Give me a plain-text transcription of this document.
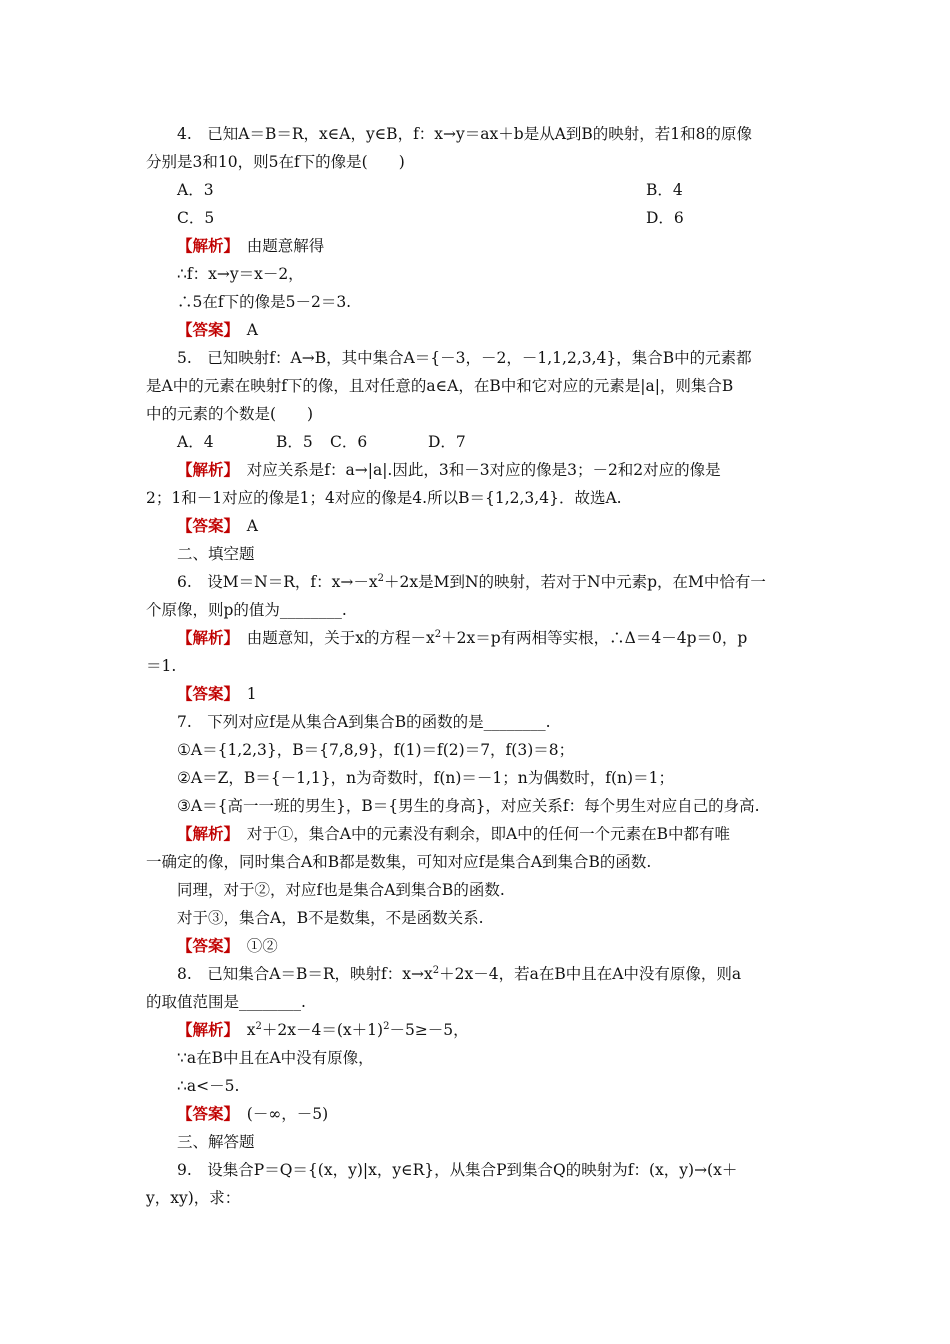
4.　已知A＝B＝R，x∈A，y∈B，f：x→y＝ax＋b是从A到B的映射，若1和8的原像
分别是3和10，则5在f下的像是(　　)
A．3	B．4
C．5	D．6
【解析】　 由题意解得
∴f：x→y＝x－2，
∴5在f下的像是5－2＝3.
【答案】　 A
5.　已知映射f：A→B，其中集合A＝{－3，－2，－1,1,2,3,4}，集合B中的元素都
是A中的元素在映射f下的像，且对任意的a∈A，在B中和它对应的元素是|a|，则集合B
中的元素的个数是(　　)
A．4	B．5 C．6	D．7
【解析】　 对应关系是f：a→|a|.因此，3和－3对应的像是3；－2和2对应的像是
2；1和－1对应的像是1；4对应的像是4.所以B＝{1,2,3,4}．故选A.
【答案】　 A
二、填空题
6.　设M＝N＝R，f：$x\to-x^2+2x$是M到N的映射，若对于N中元素p，在M中恰有一
个原像，则p的值为________.
【解析】　 由题意知，关于x的方程$-x^2+2x=p$有两相等实根，∴Δ＝4－4p＝0，p
＝1.
【答案】　 1
7.　下列对应f是从集合A到集合B的函数的是________.
①A＝{1,2,3}，B＝{7,8,9}，f(1)＝f(2)＝7，f(3)＝8；
②A＝Z，B＝{－1,1}，n为奇数时，f(n)＝－1；n为偶数时，f(n)＝1；
③A＝{高一一班的男生}，B＝{男生的身高}，对应关系f：每个男生对应自己的身高.
【解析】　 对于①，集合A中的元素没有剩余，即A中的任何一个元素在B中都有唯
一确定的像，同时集合A和B都是数集，可知对应f是集合A到集合B的函数.
同理，对于②，对应f也是集合A到集合B的函数.
对于③，集合A，B不是数集，不是函数关系.
【答案】　 ①②
8.　已知集合A＝B＝R，映射f：$x\to x^2+2x-4$，若a在B中且在A中没有原像，则a
的取值范围是________.
【解析】　 $x^2+2x-4=(x+1)^2-5\ge-5$，
∵a在B中且在A中没有原像，
∴a<－5.
【答案】　 (－∞，－5)
三、解答题
9.　设集合P＝Q＝{(x，y)|x，y∈R}，从集合P到集合Q的映射为f：(x，y)→(x＋
y，xy)，求：
